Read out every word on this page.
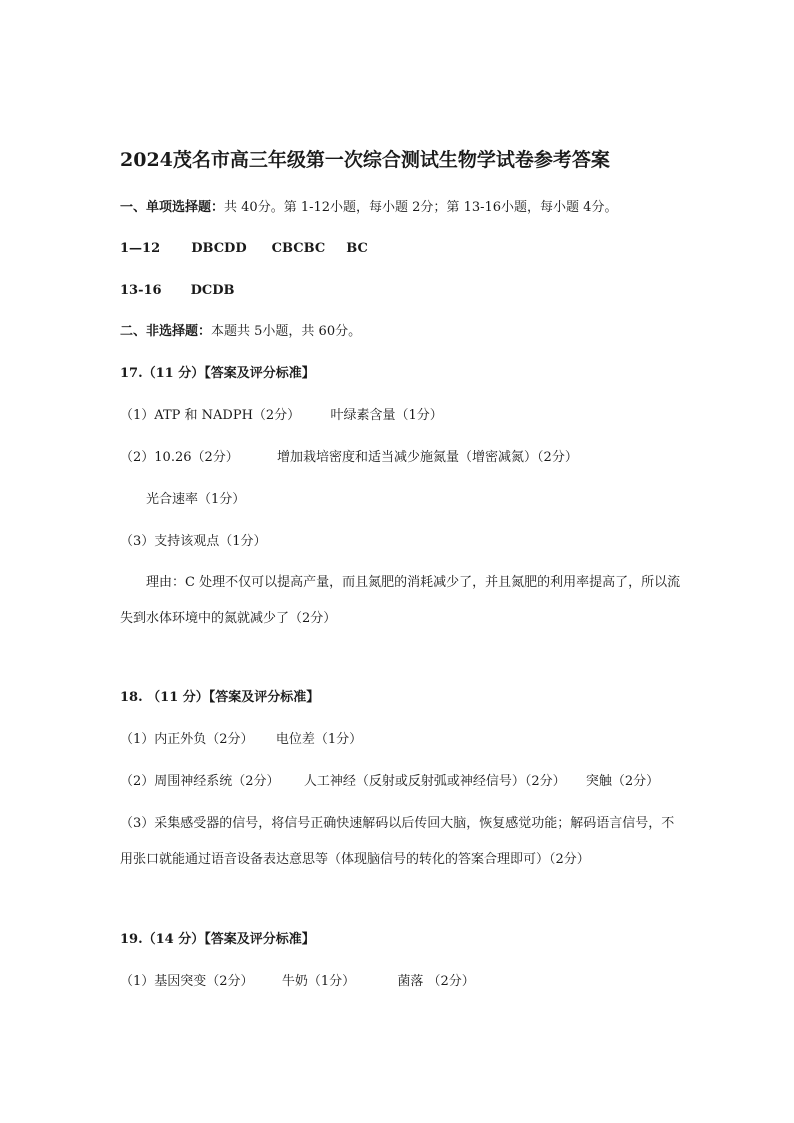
2024茂名市高三年级第一次综合测试生物学试卷参考答案
一、单项选择题：共 40分。第 1-12小题，每小题 2分；第 13-16小题，每小题 4分。
1—12 DBCDD CBCBC BC
13-16 DCDB
二、非选择题：本题共 5小题，共 60分。
17.（11 分）【答案及评分标准】
（1）ATP 和 NADPH（2分） 叶绿素含量（1分）
（2）10.26（2分）	增加栽培密度和适当减少施氮量（增密减氮）（2分）
光合速率（1分）
（3）支持该观点（1分）
理由：C 处理不仅可以提高产量，而且氮肥的消耗减少了，并且氮肥的利用率提高了，所以流失到水体环境中的氮就减少了（2分）
18. （11 分）【答案及评分标准】
（1）内正外负（2分） 电位差（1分）
（2）周围神经系统（2分） 人工神经（反射或反射弧或神经信号）（2分） 突触（2分）
（3）采集感受器的信号，将信号正确快速解码以后传回大脑，恢复感觉功能；解码语言信号，不用张口就能通过语音设备表达意思等（体现脑信号的转化的答案合理即可）（2分）
19.（14 分）【答案及评分标准】
（1）基因突变（2分） 牛奶（1分）	菌落 （2分）
